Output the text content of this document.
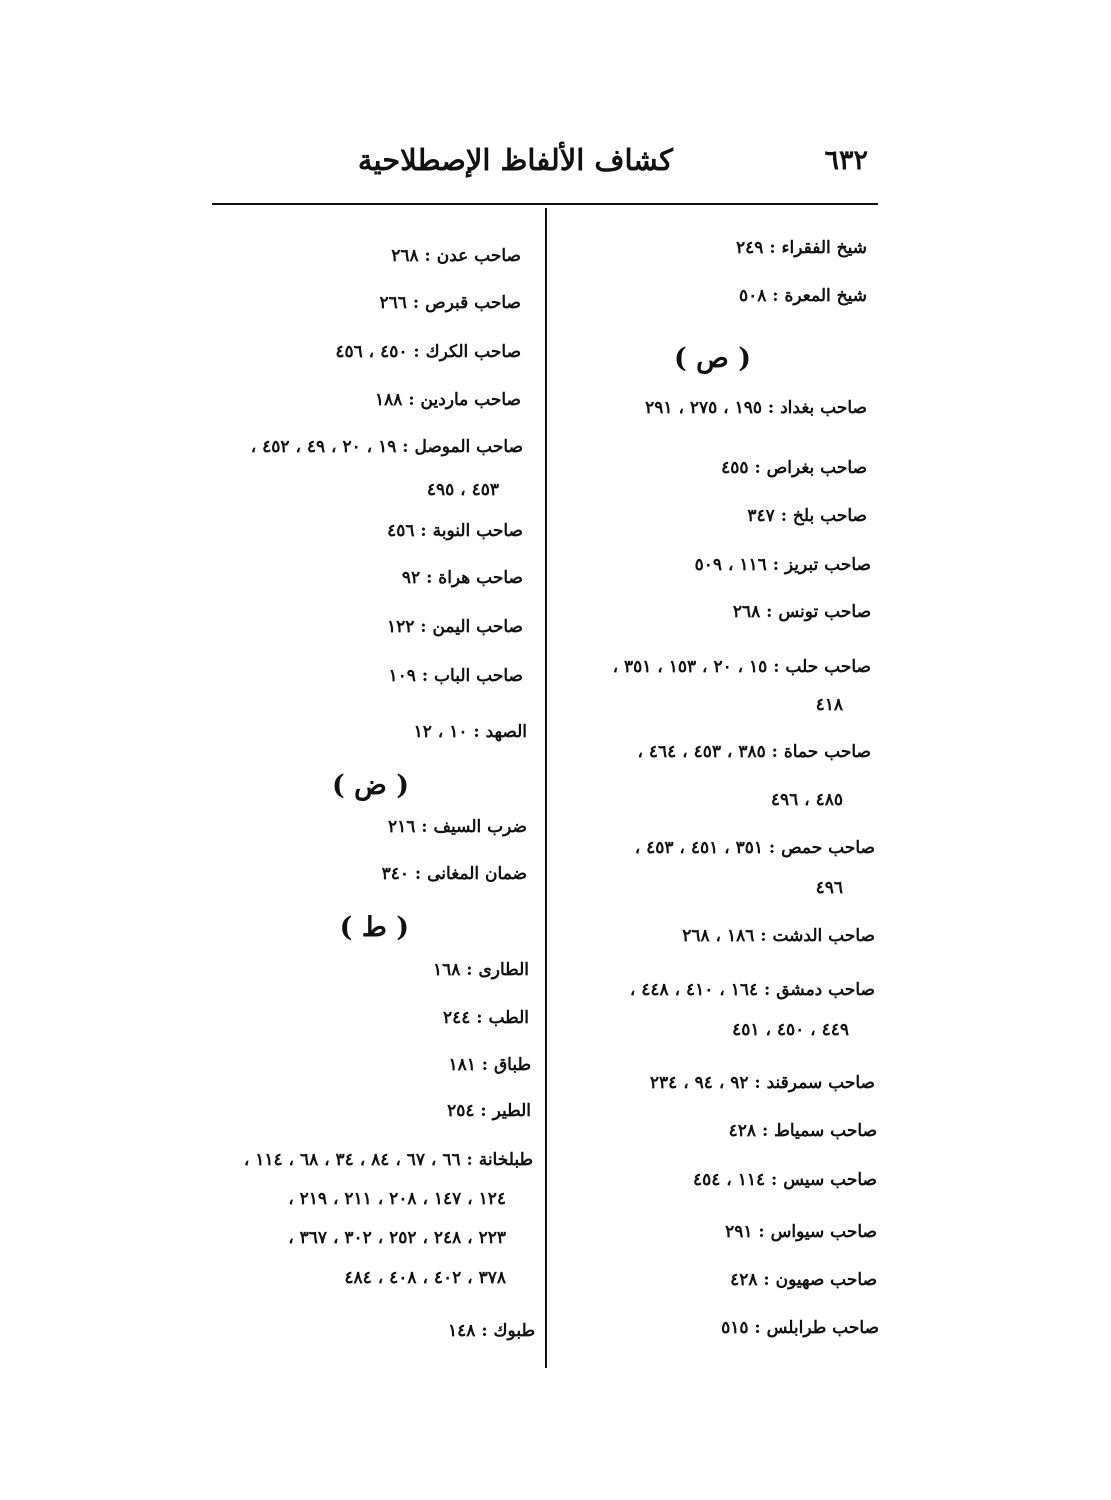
٦٣٢
كشاف الألفاظ الإصطلاحية
شيخ الفقراء : ٢٤٩
شيخ المعرة : ٥٠٨
( ص )
صاحب بغداد : ١٩٥ ، ٢٧٥ ، ٢٩١
صاحب بغراص : ٤٥٥
صاحب بلخ : ٣٤٧
صاحب تبريز : ١١٦ ، ٥٠٩
صاحب تونس : ٢٦٨
صاحب حلب : ١٥ ، ٢٠ ، ١٥٣ ، ٣٥١ ،
٤١٨
صاحب حماة : ٣٨٥ ، ٤٥٣ ، ٤٦٤ ،
٤٨٥ ، ٤٩٦
صاحب حمص : ٣٥١ ، ٤٥١ ، ٤٥٣ ،
٤٩٦
صاحب الدشت : ١٨٦ ، ٢٦٨
صاحب دمشق : ١٦٤ ، ٤١٠ ، ٤٤٨ ،
٤٤٩ ، ٤٥٠ ، ٤٥١
صاحب سمرقند : ٩٢ ، ٩٤ ، ٢٣٤
صاحب سمياط : ٤٢٨
صاحب سيس : ١١٤ ، ٤٥٤
صاحب سيواس : ٢٩١
صاحب صهيون : ٤٢٨
صاحب طرابلس : ٥١٥
صاحب عدن : ٢٦٨
صاحب قبرص : ٢٦٦
صاحب الكرك : ٤٥٠ ، ٤٥٦
صاحب ماردين : ١٨٨
صاحب الموصل : ١٩ ، ٢٠ ، ٤٩ ، ٤٥٢ ،
٤٥٣ ، ٤٩٥
صاحب النوبة : ٤٥٦
صاحب هراة : ٩٢
صاحب اليمن : ١٢٢
صاحب الباب : ١٠٩
الصهد : ١٠ ، ١٢
( ض )
ضرب السيف : ٢١٦
ضمان المغانى : ٣٤٠
( ط )
الطارى : ١٦٨
الطب : ٢٤٤
طباق : ١٨١
الطير : ٢٥٤
طبلخانة : ٦٦ ، ٦٧ ، ٨٤ ، ٣٤ ، ٦٨ ، ١١٤ ،
١٢٤ ، ١٤٧ ، ٢٠٨ ، ٢١١ ، ٢١٩ ،
٢٢٣ ، ٢٤٨ ، ٢٥٢ ، ٣٠٢ ، ٣٦٧ ،
٣٧٨ ، ٤٠٢ ، ٤٠٨ ، ٤٨٤
طبوك : ١٤٨
